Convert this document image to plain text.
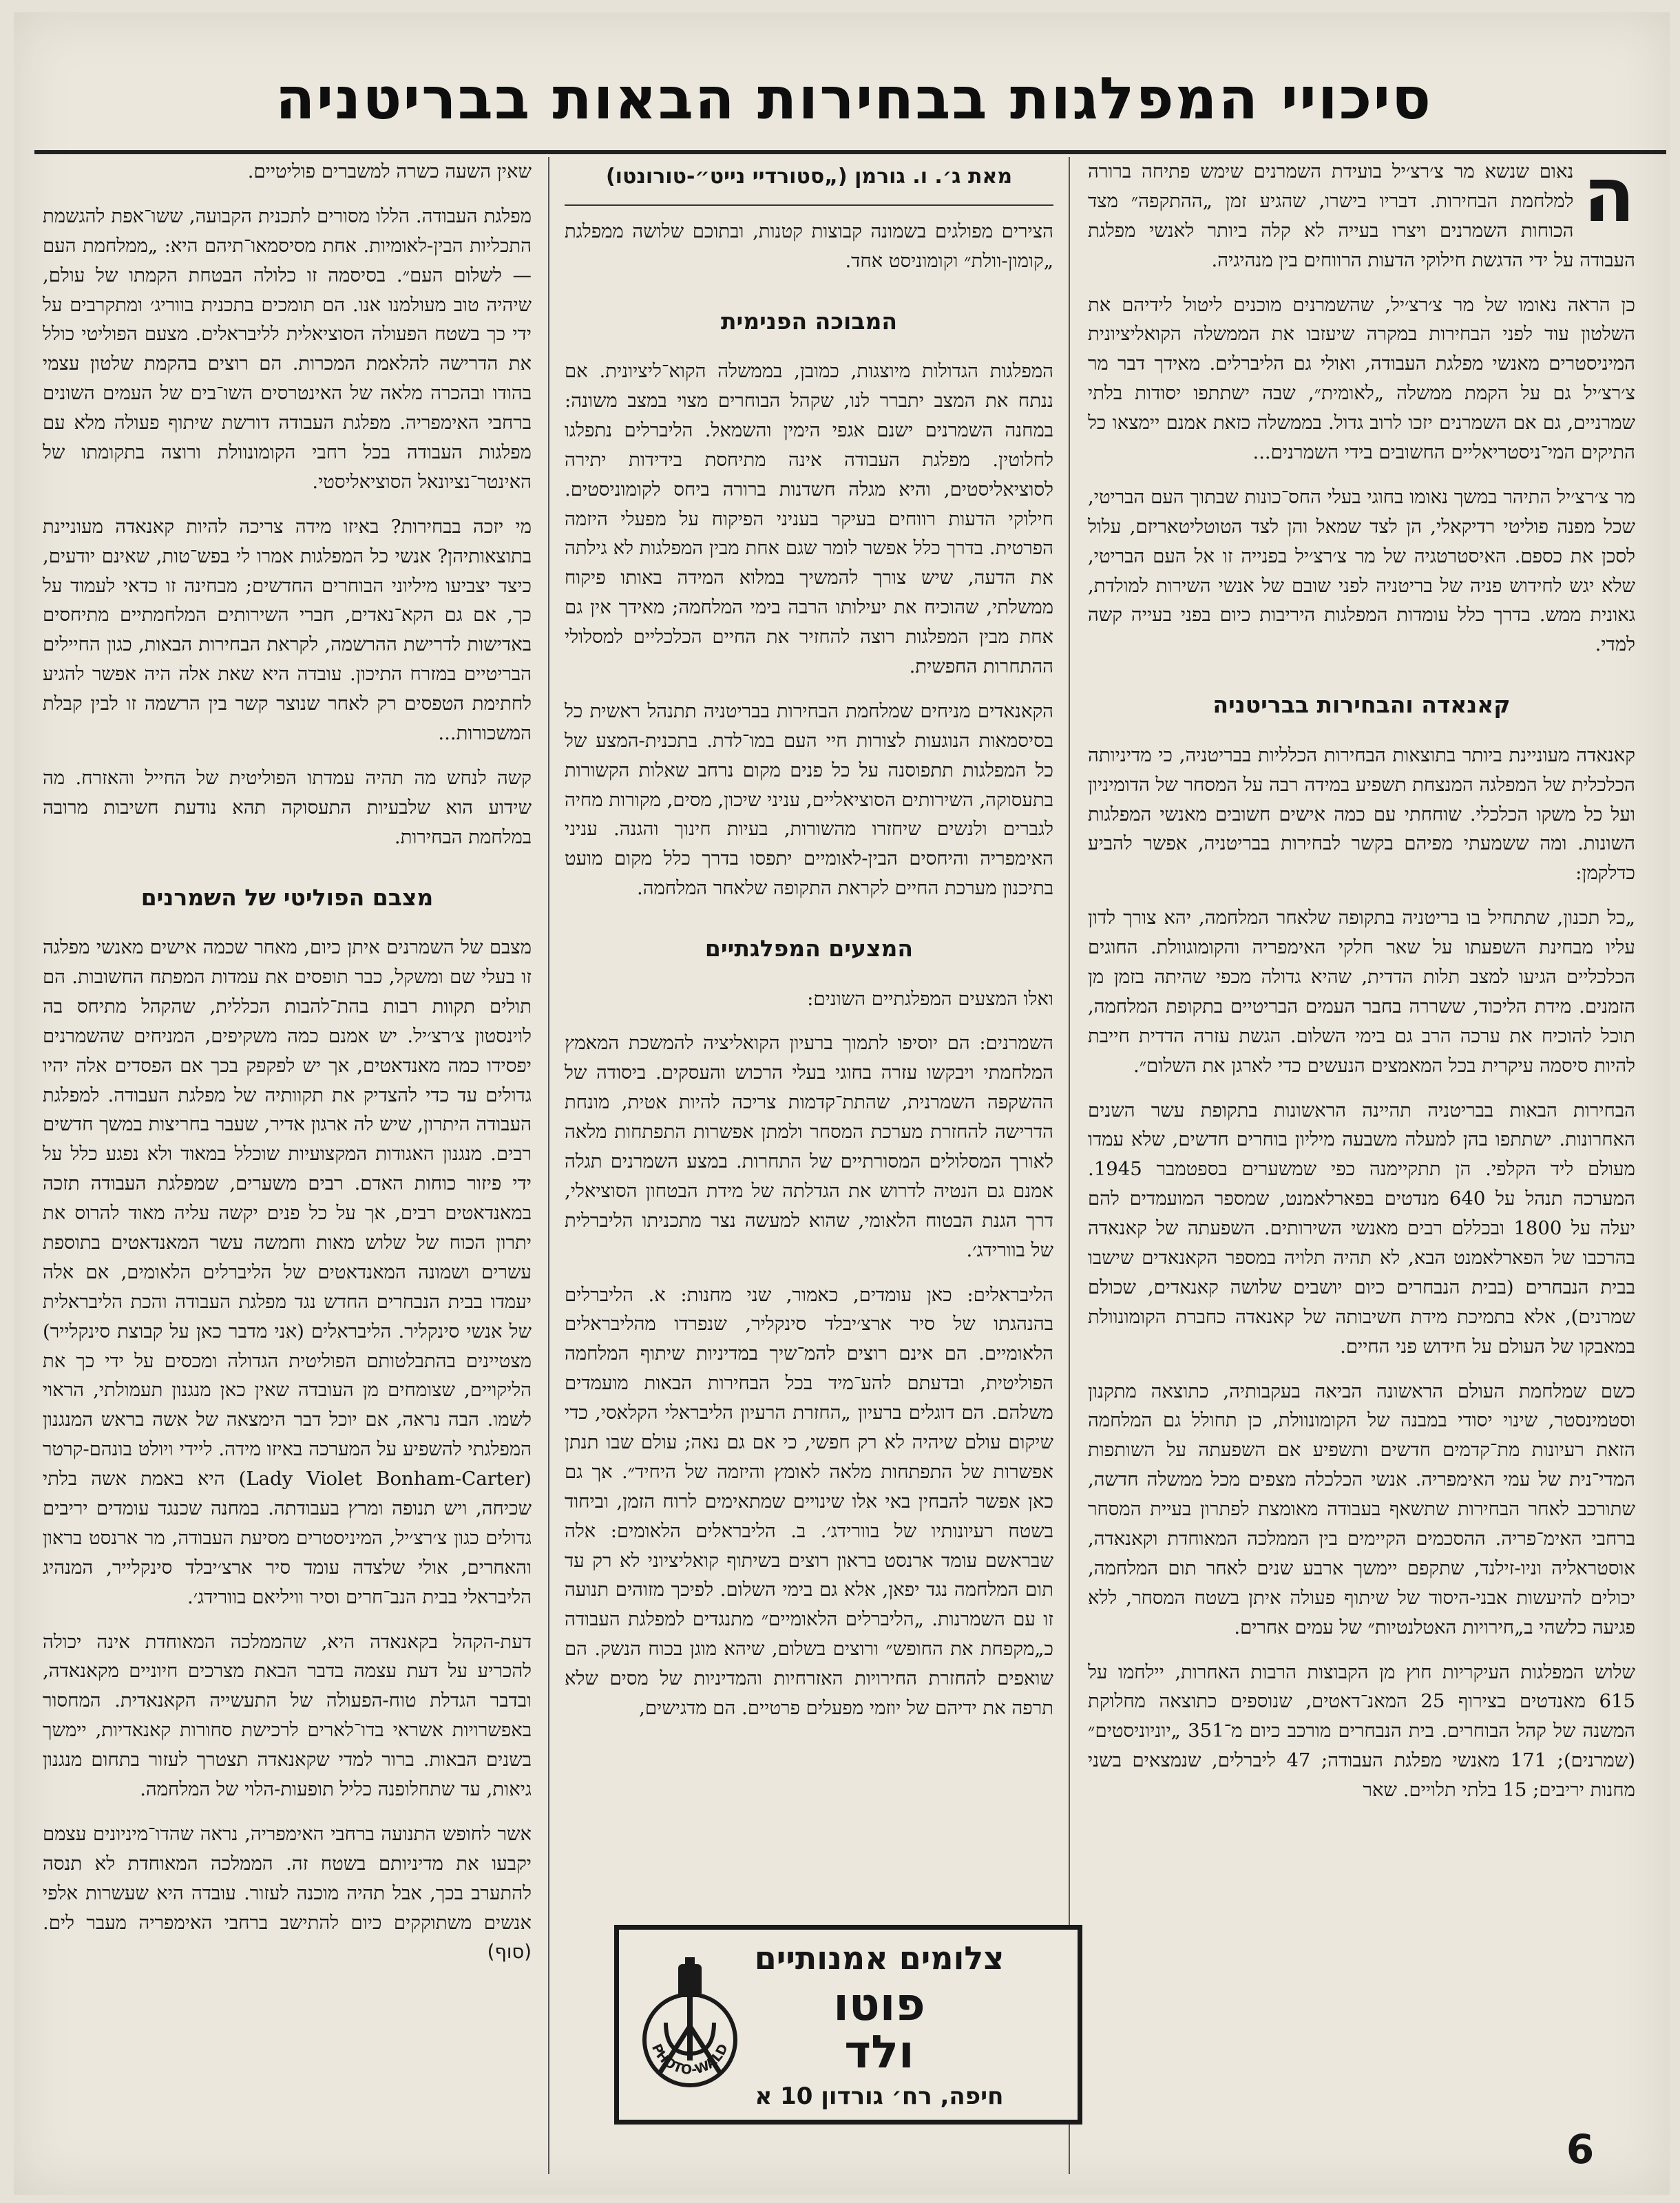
סיכויי המפלגות בבחירות הבאות בבריטניה

ה
נאום שנשא מר צ׳רצ׳יל בועידת השמרנים שימש פתיחה ברורה למלחמת הבחירות. דבריו בישרו, שהגיע זמן „ההתקפה״ מצד הכוחות השמרנים ויצרו בעייה לא קלה ביותר לאנשי מפלגת העבודה על ידי הדגשת חילוקי הדעות הרווחים בין מנהיגיה.

כן הראה נאומו של מר צ׳רצ׳יל, שהשמרנים מוכנים ליטול לידיהם את השלטון עוד לפני הבחירות במקרה שיעזבו את הממשלה הקואליציונית המיניסטרים מאנשי מפלגת העבודה, ואולי גם הליברלים. מאידך דבר מר צ׳רצ׳יל גם על הקמת ממשלה „לאומית״, שבה ישתתפו יסודות בלתי שמרניים, גם אם השמרנים יזכו לרוב גדול. בממשלה כזאת אמנם יימצאו כל התיקים המי־ניסטריאליים החשובים בידי השמרנים...

מר צ׳רצ׳יל התיהר במשך נאומו בחוגי בעלי החס־כונות שבתוך העם הבריטי, שכל מפנה פוליטי רדיקאלי, הן לצד שמאל והן לצד הטוטליטאריזם, עלול לסכן את כספם. האיסטרטגיה של מר צ׳רצ׳יל בפנייה זו אל העם הבריטי, שלא יגש לחידוש פניה של בריטניה לפני שובם של אנשי השירות למולדת, גאונית ממש. בדרך כלל עומדות המפלגות היריבות כיום בפני בעייה קשה למדי.

קאנאדה והבחירות בבריטניה

קאנאדה מעוניינת ביותר בתוצאות הבחירות הכלליות בבריטניה, כי מדיניותה הכלכלית של המפלגה המנצחת תשפיע במידה רבה על המסחר של הדומיניון ועל כל משקו הכלכלי. שוחחתי עם כמה אישים חשובים מאנשי המפלגות השונות. ומה ששמעתי מפיהם בקשר לבחירות בבריטניה, אפשר להביע כדלקמן:

„כל תכנון, שתתחיל בו בריטניה בתקופה שלאחר המלחמה, יהא צורך לדון עליו מבחינת השפעתו על שאר חלקי האימפריה והקומוגוולת. החוגים הכלכליים הגיעו למצב תלות הדדית, שהיא גדולה מכפי שהיתה בזמן מן הזמנים. מידת הליכוד, ששררה בחבר העמים הבריטיים בתקופת המלחמה, תוכל להוכיח את ערכה הרב גם בימי השלום. הגשת עזרה הדדית חייבת להיות סיסמה עיקרית בכל המאמצים הנעשים כדי לארגן את השלום״.

הבחירות הבאות בבריטניה תהיינה הראשונות בתקופת עשר השנים האחרונות. ישתתפו בהן למעלה משבעה מיליון בוחרים חדשים, שלא עמדו מעולם ליד הקלפי. הן תתקיימנה כפי שמשערים בספטמבר 1945. המערכה תנהל על 640 מנדטים בפארלאמנט, שמספר המועמדים להם יעלה על 1800 ובכללם רבים מאנשי השירותים. השפעתה של קאנאדה בהרכבו של הפארלאמנט הבא, לא תהיה תלויה במספר הקאנאדים שישבו בבית הנבחרים (בבית הנבחרים כיום יושבים שלושה קאנאדים, שכולם שמרנים), אלא בתמיכת מידת חשיבותה של קאנאדה כחברת הקומונוולת במאבקו של העולם על חידוש פני החיים.

כשם שמלחמת העולם הראשונה הביאה בעקבותיה, כתוצאה מתקנון וסטמינסטר, שינוי יסודי במבנה של הקומונוולת, כן תחולל גם המלחמה הזאת רעיונות מת־קדמים חדשים ותשפיע אם השפעתה על השותפות המדי־נית של עמי האימפריה. אנשי הכלכלה מצפים מכל ממשלה חדשה, שתורכב לאחר הבחירות שתשאף בעבודה מאומצת לפתרון בעיית המסחר ברחבי האימ־פריה. ההסכמים הקיימים בין הממלכה המאוחדת וקאנאדה, אוסטראליה וניו-זילנד, שתקפם יימשך ארבע שנים לאחר תום המלחמה, יכולים להיעשות אבני-היסוד של שיתוף פעולה איתן בשטח המסחר, ללא פגיעה כלשהי ב„חירויות האטלנטיות״ של עמים אחרים.

שלוש המפלגות העיקריות חוץ מן הקבוצות הרבות האחרות, יילחמו על 615 מאנדטים בצירוף 25 המאנ־דאטים, שנוספים כתוצאה מחלוקת המשנה של קהל הבוחרים. בית הנבחרים מורכב כיום מ־351 „יוניוניסטים״ (שמרנים); 171 מאנשי מפלגת העבודה; 47 ליברלים, שנמצאים בשני מחנות יריבים; 15 בלתי תלויים. שאר

מאת ג׳. ו. גורמן („סטורדיי נייט״-טורונטו)

הצירים מפולגים בשמונה קבוצות קטנות, ובתוכם שלושה ממפלגת „קומון-וולת״ וקומוניסט אחד.

המבוכה הפנימית

המפלגות הגדולות מיוצגות, כמובן, בממשלה הקוא־ליציונית. אם ננתח את המצב יתברר לנו, שקהל הבוחרים מצוי במצב משונה: במחנה השמרנים ישנם אגפי הימין והשמאל. הליברלים נתפלגו לחלוטין. מפלגת העבודה אינה מתיחסת בידידות יתירה לסוציאליסטים, והיא מגלה חשדנות ברורה ביחס לקומוניסטים. חילוקי הדעות רווחים בעיקר בעניני הפיקוח על מפעלי היזמה הפרטית. בדרך כלל אפשר לומר שגם אחת מבין המפלגות לא גילתה את הדעה, שיש צורך להמשיך במלוא המידה באותו פיקוח ממשלתי, שהוכיח את יעילותו הרבה בימי המלחמה; מאידך אין גם אחת מבין המפלגות רוצה להחזיר את החיים הכלכליים למסלולי ההתחרות החפשית.

הקאנאדים מניחים שמלחמת הבחירות בבריטניה תתנהל ראשית כל בסיסמאות הנוגעות לצורות חיי העם במו־לדת. בתכנית-המצע של כל המפלגות תתפוסנה על כל פנים מקום נרחב שאלות הקשורות בתעסוקה, השירותים הסוציאליים, עניני שיכון, מסים, מקורות מחיה לגברים ולנשים שיחזרו מהשורות, בעיות חינוך והגנה. עניני האימפריה והיחסים הבין-לאומיים יתפסו בדרך כלל מקום מועט בתיכנון מערכת החיים לקראת התקופה שלאחר המלחמה.

המצעים המפלגתיים

ואלו המצעים המפלגתיים השונים:

השמרנים: הם יוסיפו לתמוך ברעיון הקואליציה להמשכת המאמץ המלחמתי ויבקשו עזרה בחוגי בעלי הרכוש והעסקים. ביסודה של ההשקפה השמרנית, שהתת־קדמות צריכה להיות אטית, מונחת הדרישה להחזרת מערכת המסחר ולמתן אפשרות התפתחות מלאה לאורך המסלולים המסורתיים של התחרות. במצע השמרנים תגלה אמנם גם הנטיה לדרוש את הגדלתה של מידת הבטחון הסוציאלי, דרך הגנת הבטוח הלאומי, שהוא למעשה נצר מתכניתו הליברלית של בוורידג׳.

הליבראלים: כאן עומדים, כאמור, שני מחנות: א. הליברלים בהנהגתו של סיר ארצ׳יבלד סינקליר, שנפרדו מהליבראלים הלאומיים. הם אינם רוצים להמ־שיך במדיניות שיתוף המלחמה הפוליטית, ובדעתם להע־מיד בכל הבחירות הבאות מועמדים משלהם. הם דוגלים ברעיון „החזרת הרעיון הליבראלי הקלאסי, כדי שיקום עולם שיהיה לא רק חפשי, כי אם גם נאה; עולם שבו תנתן אפשרות של התפתחות מלאה לאומץ והיזמה של היחיד״. אך גם כאן אפשר להבחין באי אלו שינויים שמתאימים לרוח הזמן, וביחוד בשטח רעיונותיו של בוורידג׳. ב. הליבראלים הלאומים: אלה שבראשם עומד ארנסט בראון רוצים בשיתוף קואליציוני לא רק עד תום המלחמה נגד יפאן, אלא גם בימי השלום. לפיכך מזוהים תנועה זו עם השמרנות. „הליברלים הלאומיים״ מתנגדים למפלגת העבודה כ„מקפחת את החופש״ ורוצים בשלום, שיהא מוגן בכוח הנשק. הם שואפים להחזרת החירויות האזרחיות והמדיניות של מסים שלא תרפה את ידיהם של יוזמי מפעלים פרטיים. הם מדגישים,

שאין השעה כשרה למשברים פוליטיים.

מפלגת העבודה. הללו מסורים לתכנית הקבועה, ששו־אפת להגשמת התכליות הבין-לאומיות. אחת מסיסמאו־תיהם היא: „ממלחמת העם — לשלום העם״. בסיסמה זו כלולה הבטחת הקמתו של עולם, שיהיה טוב מעולמנו אנו. הם תומכים בתכנית בווריג׳ ומתקרבים על ידי כך בשטח הפעולה הסוציאלית לליבראלים. מצעם הפוליטי כולל את הדרישה להלאמת המכרות. הם רוצים בהקמת שלטון עצמי בהודו ובהכרה מלאה של האינטרסים השו־בים של העמים השונים ברחבי האימפריה. מפלגת העבודה דורשת שיתוף פעולה מלא עם מפלגות העבודה בכל רחבי הקומונוולת ורוצה בתקומתו של האינטר־נציונאל הסוציאליסטי.

מי יזכה בבחירות? באיזו מידה צריכה להיות קאנאדה מעוניינת בתוצאותיהן? אנשי כל המפלגות אמרו לי בפש־טות, שאינם יודעים, כיצד יצביעו מיליוני הבוחרים החדשים; מבחינה זו כדאי לעמוד על כך, אם גם הקא־נאדים, חברי השירותים המלחמתיים מתיחסים באדישות לדרישת ההרשמה, לקראת הבחירות הבאות, כגון החיילים הבריטיים במזרח התיכון. עובדה היא שאת אלה היה אפשר להגיע לחתימת הטפסים רק לאחר שנוצר קשר בין הרשמה זו לבין קבלת המשכורות...

קשה לנחש מה תהיה עמדתו הפוליטית של החייל והאזרח. מה שידוע הוא שלבעיות התעסוקה תהא נודעת חשיבות מרובה במלחמת הבחירות.

מצבם הפוליטי של השמרנים

מצבם של השמרנים איתן כיום, מאחר שכמה אישים מאנשי מפלגה זו בעלי שם ומשקל, כבר תופסים את עמדות המפתח החשובות. הם תולים תקוות רבות בהת־להבות הכללית, שהקהל מתיחס בה לוינסטון צ׳רצ׳יל. יש אמנם כמה משקיפים, המניחים שהשמרנים יפסידו כמה מאנדאטים, אך יש לפקפק בכך אם הפסדים אלה יהיו גדולים עד כדי להצדיק את תקוותיה של מפלגת העבודה. למפלגת העבודה היתרון, שיש לה ארגון אדיר, שעבר בחריצות במשך חדשים רבים. מנגנון האגודות המקצועיות שוכלל במאוד ולא נפגע כלל על ידי פיזור כוחות האדם. רבים משערים, שמפלגת העבודה תזכה במאנדאטים רבים, אך על כל פנים יקשה עליה מאוד להרוס את יתרון הכוח של שלוש מאות וחמשה עשר המאנדאטים בתוספת עשרים ושמונה המאנדאטים של הליברלים הלאומים, אם אלה יעמדו בבית הנבחרים החדש נגד מפלגת העבודה והכת הליבראלית של אנשי סינקליר. הליבראלים (אני מדבר כאן על קבוצת סינקלייר) מצטיינים בהתבלטותם הפוליטית הגדולה ומכסים על ידי כך את הליקויים, שצומחים מן העובדה שאין כאן מנגנון תעמולתי, הראוי לשמו. הבה נראה, אם יוכל דבר הימצאה של אשה בראש המנגנון המפלגתי להשפיע על המערכה באיזו מידה. ליידי ויולט בונהם-קרטר (Lady Violet Bonham-Carter) היא באמת אשה בלתי שכיחה, ויש תנופה ומרץ בעבודתה. במחנה שכנגד עומדים יריבים גדולים כגון צ׳רצ׳יל, המיניסטרים מסיעת העבודה, מר ארנסט בראון והאחרים, אולי שלצדה עומד סיר ארצ׳יבלד סינקלייר, המנהיג הליבראלי בבית הנב־חרים וסיר וויליאם בוורידג׳.

דעת-הקהל בקאנאדה היא, שהממלכה המאוחדת אינה יכולה להכריע על דעת עצמה בדבר הבאת מצרכים חיוניים מקאנאדה, ובדבר הגדלת טוח-הפעולה של התעשייה הקאנאדית. המחסור באפשרויות אשראי בדו־לארים לרכישת סחורות קאנאדיות, יימשך בשנים הבאות. ברור למדי שקאנאדה תצטרך לעזור בתחום מנגנון גיאות, עד שתחלופנה כליל תופעות-הלוי של המלחמה.

אשר לחופש התנועה ברחבי האימפריה, נראה שהדו־מיניונים עצמם יקבעו את מדיניותם בשטח זה. הממלכה המאוחדת לא תנסה להתערב בכך, אבל תהיה מוכנה לעזור. עובדה היא שעשרות אלפי אנשים משתוקקים כיום להתישב ברחבי האימפריה מעבר לים. (סוף)	צלומים אמנותיים
פוטו
ולד
חיפה, רח׳ גורדון 10 א
PHOTO-WALD
6
